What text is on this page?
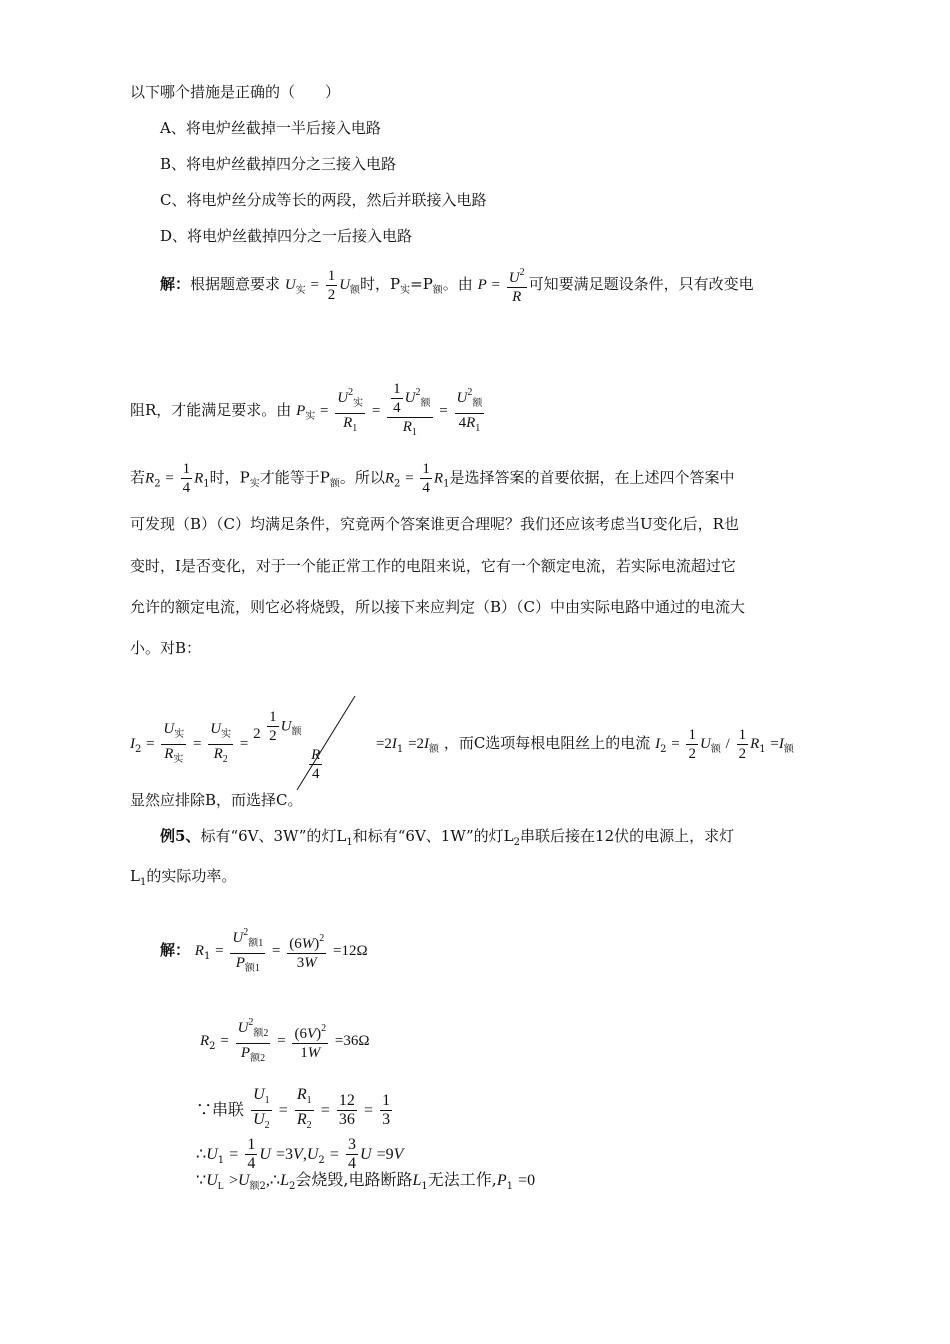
以下哪个措施是正确的（　　）
A、将电炉丝截掉一半后接入电路
B、将电炉丝截掉四分之三接入电路
C、将电炉丝分成等长的两段，然后并联接入电路
D、将电炉丝截掉四分之一后接入电路
解：根据题意要求 $U_实 = \frac{1}{2} U_额$时，$P_实=P_额$。由 $P = \frac{U^2}{R}$ 可知要满足题设条件，只有改变电
阻R，才能满足要求。由 $P_实 = \frac{U^2_实}{R_1} = \frac{\frac{1}{4} U^2_额}{R_1} = \frac{U^2_额}{4R_1}$
若$R_2 = \frac{1}{4} R_1$时，$P_实$才能等于$P_额$。所以$R_2 = \frac{1}{4} R_1$是选择答案的首要依据，在上述四个答案中
可发现（B）（C）均满足条件，究竟两个答案谁更合理呢？我们还应该考虑当U变化后，R也
变时，I是否变化，对于一个能正常工作的电阻来说，它有一个额定电流，若实际电流超过它
允许的额定电流，则它必将烧毁，所以接下来应判定（B）（C）中由实际电路中通过的电流大
小。对B：
$I_2 = \frac{U_实}{R_实} = \frac{U_实}{R_2}$ =
$2 \frac{1}{2} U_额$
$\frac{R}{4}$
$=2I_1 =2I_额$ ，而C选项每根电阻丝上的电流 $I_2 = \frac{1}{2} U_额 / \frac{1}{2} R_1 =I_额$
显然应排除B，而选择C。
例5、标有“6V、3W”的灯$L_1$和标有“6V、1W”的灯$L_2$串联后接在12伏的电源上，求灯
$L_1$的实际功率。
解： $R_1 = \frac{U^2_{额1}}{P_{额1}} = \frac{(6W)^2}{3W} =12\Omega$
$R_2 = \frac{U^2_{额2}}{P_{额2}} = \frac{(6V)^2}{1W} =36\Omega$
∵串联 $\frac{U_1}{U_2} = \frac{R_1}{R_2} = \frac{12}{36} = \frac{1}{3}$
$\therefore U_1 = \frac{1}{4}$ $U =3V,U_2 = \frac{3}{4}$ U =9V
$\because U_L$ $>U_{额2},\therefore L_2$会烧毁,电路断路$L_1$无法工作$,P_1 =0$
